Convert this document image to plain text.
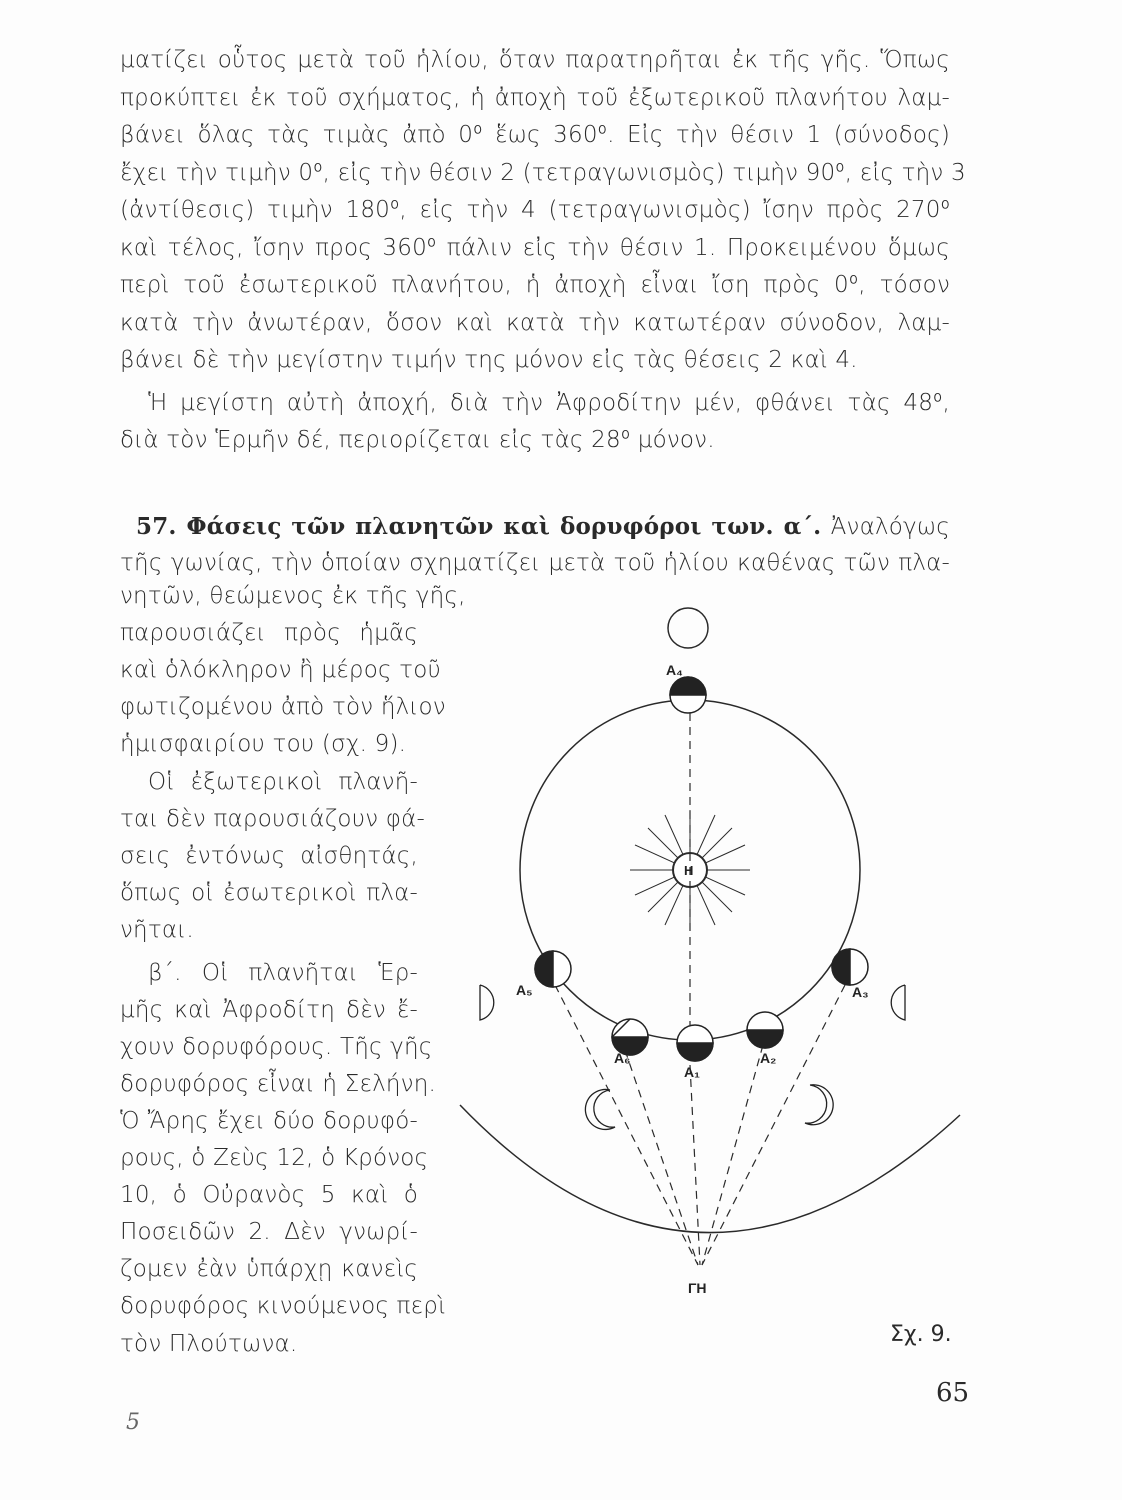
ματίζει οὗτος μετὰ τοῦ ἡλίου, ὅταν παρατηρῆται ἐκ τῆς γῆς. Ὅπως
προκύπτει ἐκ τοῦ σχήματος, ἡ ἀποχὴ τοῦ ἐξωτερικοῦ πλανήτου λαμ-
βάνει ὅλας τὰς τιμὰς ἀπὸ 0⁰ ἕως 360⁰. Εἰς τὴν θέσιν 1 (σύνοδος)
ἔχει τὴν τιμὴν 0⁰, εἰς τὴν θέσιν 2 (τετραγωνισμὸς) τιμὴν 90⁰, εἰς τὴν 3
(ἀντίθεσις) τιμὴν 180⁰, εἰς τὴν 4 (τετραγωνισμὸς) ἴσην πρὸς 270⁰
καὶ τέλος, ἴσην προς 360⁰ πάλιν εἰς τὴν θέσιν 1. Προκειμένου ὅμως
περὶ τοῦ ἐσωτερικοῦ πλανήτου, ἡ ἀποχὴ εἶναι ἴση πρὸς 0⁰, τόσον
κατὰ τὴν ἀνωτέραν, ὅσον καὶ κατὰ τὴν κατωτέραν σύνοδον, λαμ-
βάνει δὲ τὴν μεγίστην τιμήν της μόνον εἰς τὰς θέσεις 2 καὶ 4.
Ἡ μεγίστη αὐτὴ ἀποχή, διὰ τὴν Ἀφροδίτην μέν, φθάνει τὰς 48⁰,
διὰ τὸν Ἑρμῆν δέ, περιορίζεται εἰς τὰς 28⁰ μόνον.
57. Φάσεις τῶν πλανητῶν καὶ δορυφόροι των. α΄. Ἀναλόγως
τῆς γωνίας, τὴν ὁποίαν σχηματίζει μετὰ τοῦ ἡλίου καθένας τῶν πλα-
νητῶν, θεώμενος ἐκ τῆς γῆς,
παρουσιάζει πρὸς ἡμᾶς
καὶ ὁλόκληρον ἢ μέρος τοῦ
φωτιζομένου ἀπὸ τὸν ἥλιον
ἡμισφαιρίου του (σχ. 9).
Οἱ ἐξωτερικοὶ πλανῆ-
ται δὲν παρουσιάζουν φά-
σεις ἐντόνως αἰσθητάς,
ὅπως οἱ ἐσωτερικοὶ πλα-
νῆται.
β΄. Οἱ πλανῆται Ἑρ-
μῆς καὶ Ἀφροδίτη δὲν ἔ-
χουν δορυφόρους. Τῆς γῆς
δορυφόρος εἶναι ἡ Σελήνη.
Ὁ Ἄρης ἔχει δύο δορυφό-
ρους, ὁ Ζεὺς 12, ὁ Κρόνος
10, ὁ Οὐρανὸς 5 καὶ ὁ
Ποσειδῶν 2. Δὲν γνωρί-
ζομεν ἐὰν ὑπάρχῃ κανεὶς
δορυφόρος κινούμενος περὶ
τὸν Πλούτωνα.
A₄
A₁
A₆	A₂
A₅	A₃
H
ΓΗ
Σχ. 9.
5
65
